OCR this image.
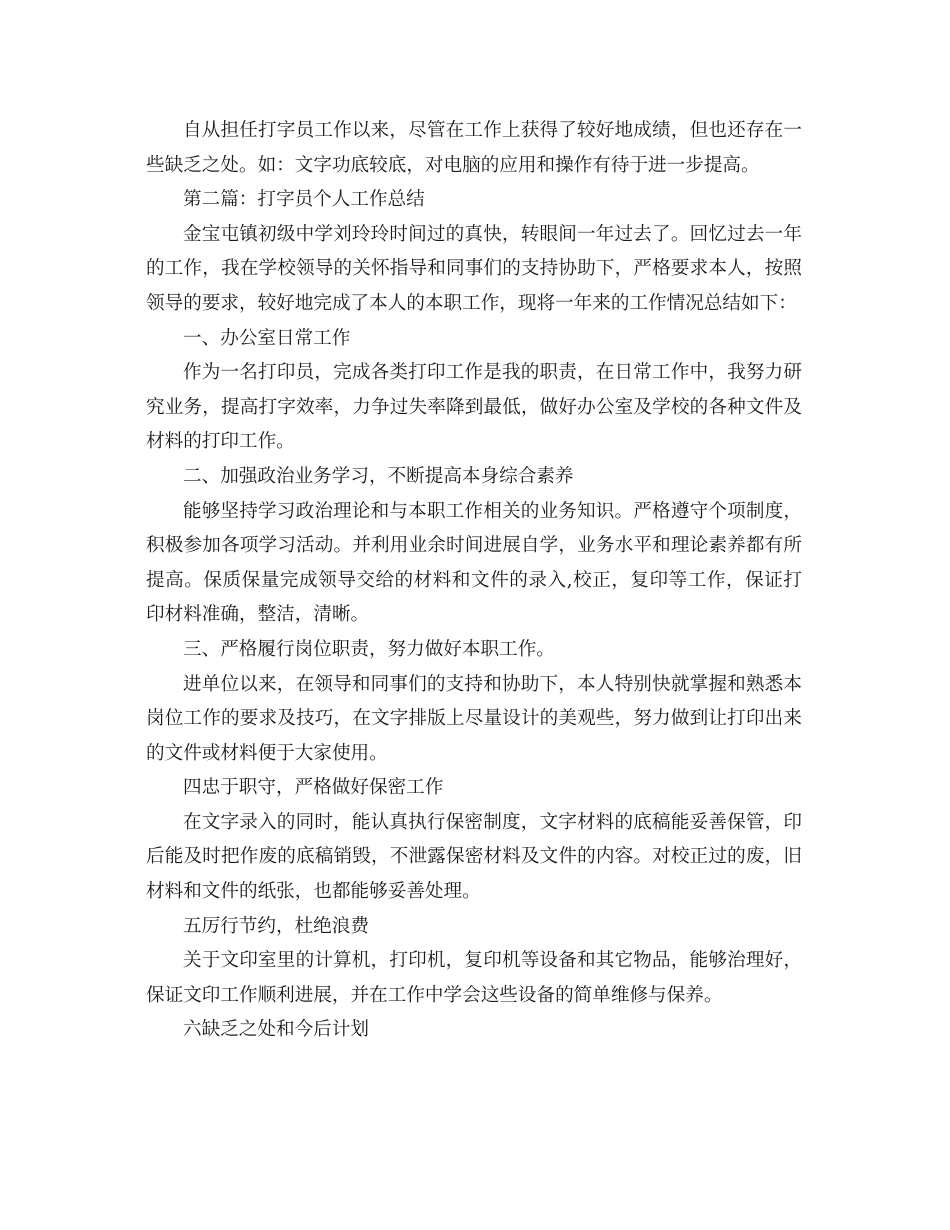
自从担任打字员工作以来，尽管在工作上获得了较好地成绩，但也还存在一些缺乏之处。如：文字功底较底，对电脑的应用和操作有待于进一步提高。

第二篇：打字员个人工作总结

金宝屯镇初级中学刘玲玲时间过的真快，转眼间一年过去了。回忆过去一年的工作，我在学校领导的关怀指导和同事们的支持协助下，严格要求本人，按照领导的要求，较好地完成了本人的本职工作，现将一年来的工作情况总结如下：

一、办公室日常工作

作为一名打印员，完成各类打印工作是我的职责，在日常工作中，我努力研究业务，提高打字效率，力争过失率降到最低，做好办公室及学校的各种文件及材料的打印工作。

二、加强政治业务学习，不断提高本身综合素养

能够坚持学习政治理论和与本职工作相关的业务知识。严格遵守个项制度，积极参加各项学习活动。并利用业余时间进展自学，业务水平和理论素养都有所提高。保质保量完成领导交给的材料和文件的录入,校正，复印等工作，保证打印材料准确，整洁，清晰。

三、严格履行岗位职责，努力做好本职工作。

进单位以来，在领导和同事们的支持和协助下，本人特别快就掌握和熟悉本岗位工作的要求及技巧，在文字排版上尽量设计的美观些，努力做到让打印出来的文件或材料便于大家使用。

四忠于职守，严格做好保密工作

在文字录入的同时，能认真执行保密制度，文字材料的底稿能妥善保管，印后能及时把作废的底稿销毁，不泄露保密材料及文件的内容。对校正过的废，旧材料和文件的纸张，也都能够妥善处理。

五厉行节约，杜绝浪费

关于文印室里的计算机，打印机，复印机等设备和其它物品，能够治理好，保证文印工作顺利进展，并在工作中学会这些设备的简单维修与保养。

六缺乏之处和今后计划
